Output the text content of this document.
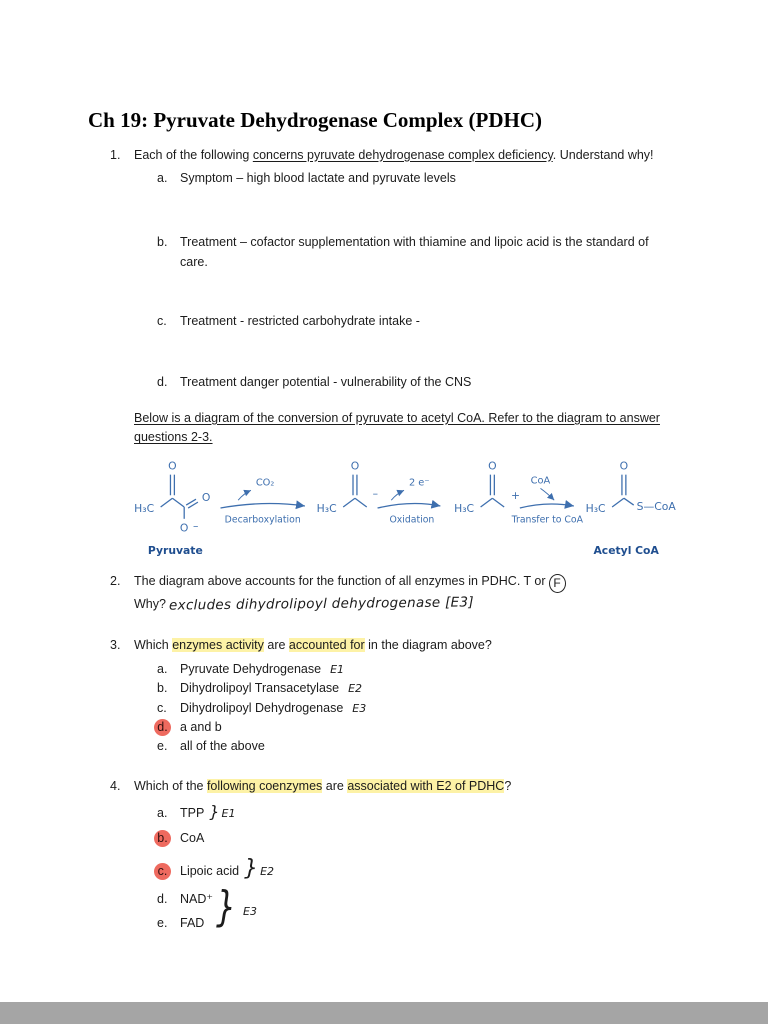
Ch 19: Pyruvate Dehydrogenase Complex (PDHC)
1.	Each of the following concerns pyruvate dehydrogenase complex deficiency. Understand why!
a.	Symptom – high blood lactate and pyruvate levels
b.	Treatment – cofactor supplementation with thiamine and lipoic acid is the standard of care.
c.	Treatment - restricted carbohydrate intake -
d.	Treatment danger potential - vulnerability of the CNS

Below is a diagram of the conversion of pyruvate to acetyl CoA. Refer to the diagram to answer questions 2-3.

H₃C
O
O
O –
CO₂
Decarboxylation
H₃C
O
–
2 e⁻
Oxidation
H₃C
O
+
CoA
Transfer to CoA
H₃C
O
S—CoA
Pyruvate	Acetyl CoA
2.	The diagram above accounts for the function of all enzymes in PDHC. T or F
Why? excludes dihydrolipoyl dehydrogenase [E3]
3.	Which enzymes activity are accounted for in the diagram above?
a.	Pyruvate Dehydrogenase E1
b.	Dihydrolipoyl Transacetylase E2
c.	Dihydrolipoyl Dehydrogenase E3
d. a and b
e.	all of the above
4.	Which of the following coenzymes are associated with E2 of PDHC?
a.	TPP } E1
b. CoA
c.	Lipoic acid } E2
d.	NAD⁺
e.	FAD } E3
